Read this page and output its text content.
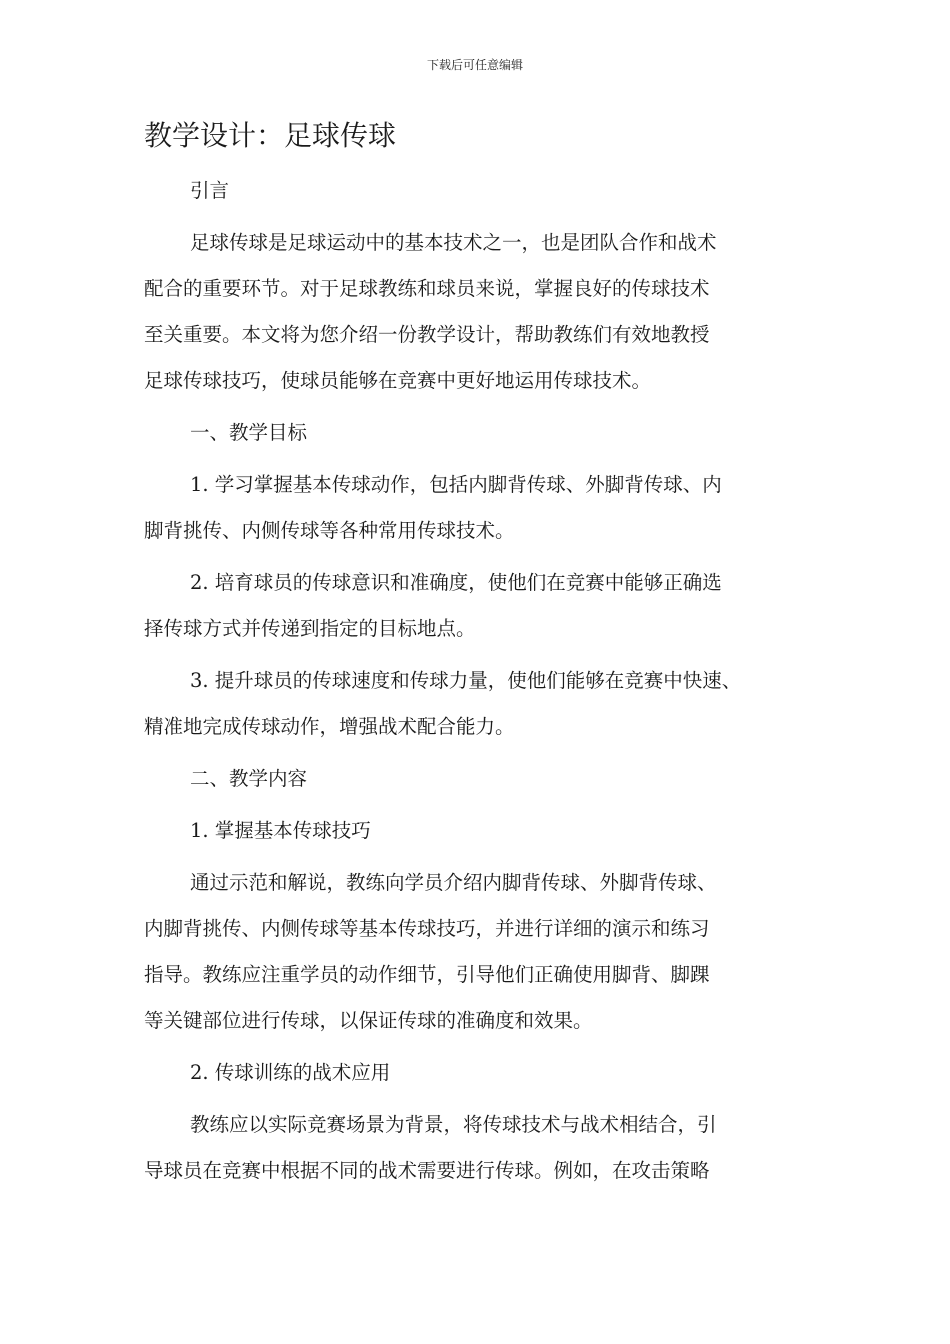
下载后可任意编辑
教学设计：足球传球
引言
足球传球是足球运动中的基本技术之一，也是团队合作和战术
配合的重要环节。对于足球教练和球员来说，掌握良好的传球技术
至关重要。本文将为您介绍一份教学设计，帮助教练们有效地教授
足球传球技巧，使球员能够在竞赛中更好地运用传球技术。
一、教学目标
1. 学习掌握基本传球动作，包括内脚背传球、外脚背传球、内
脚背挑传、内侧传球等各种常用传球技术。
2. 培育球员的传球意识和准确度，使他们在竞赛中能够正确选
择传球方式并传递到指定的目标地点。
3. 提升球员的传球速度和传球力量，使他们能够在竞赛中快速、
精准地完成传球动作，增强战术配合能力。
二、教学内容
1. 掌握基本传球技巧
通过示范和解说，教练向学员介绍内脚背传球、外脚背传球、
内脚背挑传、内侧传球等基本传球技巧，并进行详细的演示和练习
指导。教练应注重学员的动作细节，引导他们正确使用脚背、脚踝
等关键部位进行传球，以保证传球的准确度和效果。
2. 传球训练的战术应用
教练应以实际竞赛场景为背景，将传球技术与战术相结合，引
导球员在竞赛中根据不同的战术需要进行传球。例如，在攻击策略
